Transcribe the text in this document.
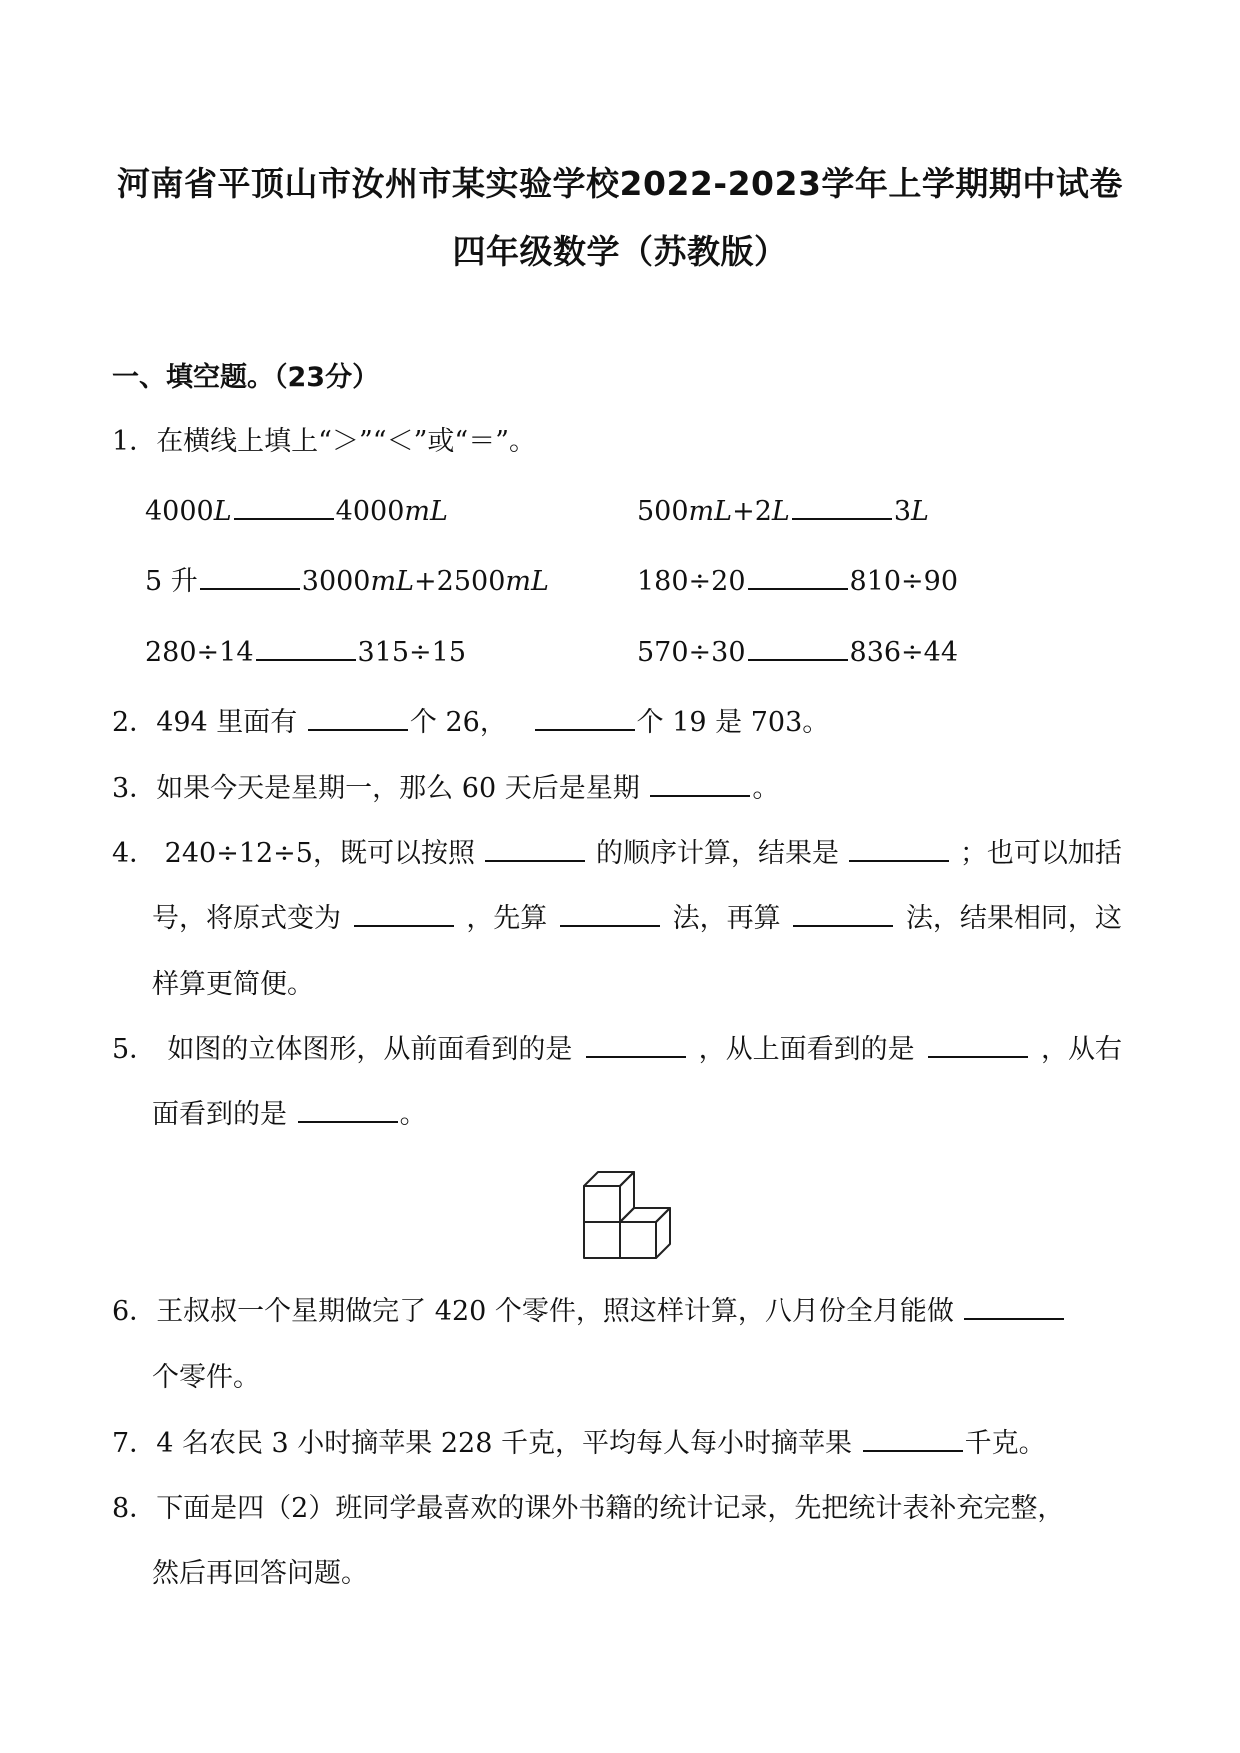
河南省平顶山市汝州市某实验学校2022-2023学年上学期期中试卷
四年级数学（苏教版）
一、填空题。（23分）
1．在横线上填上“＞”“＜”或“＝”。
4000L	4000mL	500mL+2L	3L
5 升	3000mL+2500mL	180÷20	810÷90
280÷14	315÷15	570÷30	836÷44
2．494 里面有	个 26，	个 19 是 703。
3．如果今天是星期一，那么 60 天后是星期	。
4． 240÷12÷5，既可以按照	的顺序计算，结果是	；也可以加括
号，将原式变为	，先算	法，再算	法，结果相同，这
样算更简便。
5． 如图的立体图形，从前面看到的是	，从上面看到的是	，从右
面看到的是	。
6．王叔叔一个星期做完了 420 个零件，照这样计算，八月份全月能做
个零件。
7．4 名农民 3 小时摘苹果 228 千克，平均每人每小时摘苹果	千克。
8．下面是四（2）班同学最喜欢的课外书籍的统计记录，先把统计表补充完整，
然后再回答问题。
